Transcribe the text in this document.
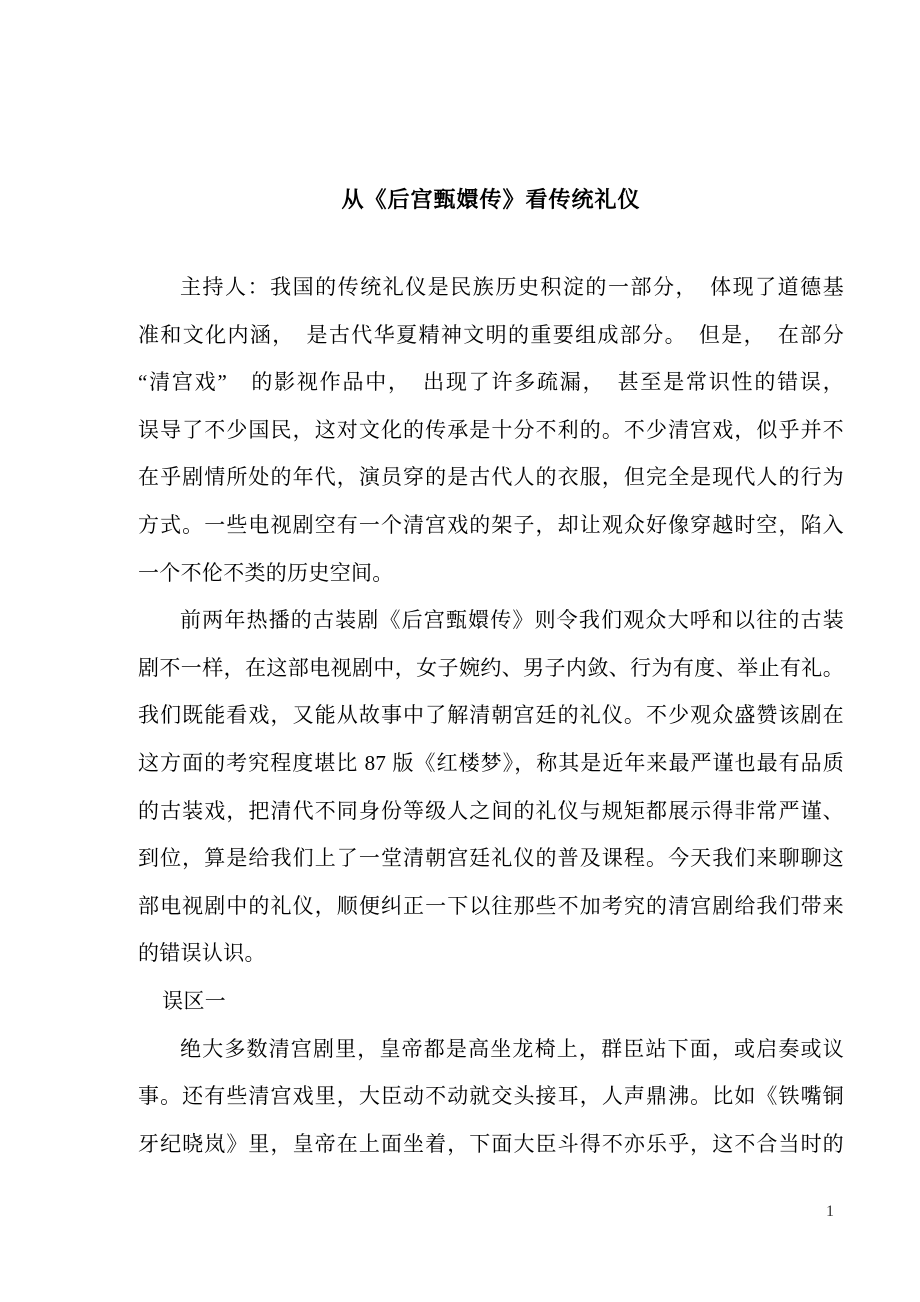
从《后宫甄嬛传》看传统礼仪
主持人：我国的传统礼仪是民族历史积淀的一部分，　体现了道德基
准和文化内涵，　是古代华夏精神文明的重要组成部分。　但是，　在部分
“清宫戏”　的影视作品中，　出现了许多疏漏，　甚至是常识性的错误，
误导了不少国民，这对文化的传承是十分不利的。不少清宫戏，似乎并不
在乎剧情所处的年代，演员穿的是古代人的衣服，但完全是现代人的行为
方式。一些电视剧空有一个清宫戏的架子，却让观众好像穿越时空，陷入
一个不伦不类的历史空间。
前两年热播的古装剧《后宫甄嬛传》则令我们观众大呼和以往的古装
剧不一样，在这部电视剧中，女子婉约、男子内敛、行为有度、举止有礼。
我们既能看戏，又能从故事中了解清朝宫廷的礼仪。不少观众盛赞该剧在
这方面的考究程度堪比 87 版《红楼梦》，称其是近年来最严谨也最有品质
的古装戏，把清代不同身份等级人之间的礼仪与规矩都展示得非常严谨、
到位，算是给我们上了一堂清朝宫廷礼仪的普及课程。今天我们来聊聊这
部电视剧中的礼仪，顺便纠正一下以往那些不加考究的清宫剧给我们带来
的错误认识。
误区一
绝大多数清宫剧里，皇帝都是高坐龙椅上，群臣站下面，或启奏或议
事。还有些清宫戏里，大臣动不动就交头接耳，人声鼎沸。比如《铁嘴铜
牙纪晓岚》里，皇帝在上面坐着，下面大臣斗得不亦乐乎，这不合当时的
1
